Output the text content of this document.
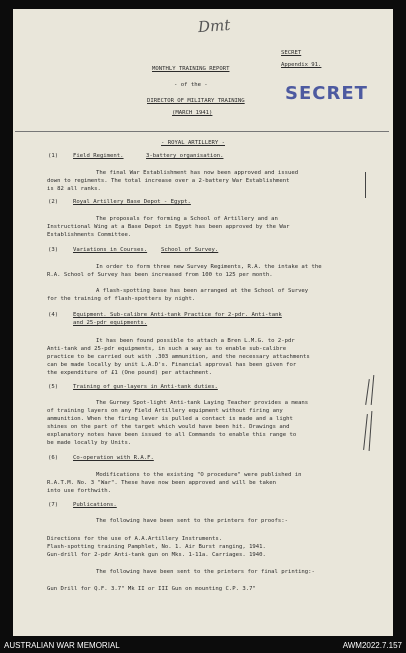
Dmt
SECRET
Appendix 91.
SECRET
MONTHLY TRAINING REPORT
- of the -
DIRECTOR OF MILITARY TRAINING
(MARCH 1941)
- ROYAL ARTILLERY -
(1)	Field Regiment.	3-battery organisation.
The final War Establishment has now been approved and issued
down to regiments. The total increase over a 2-battery War Establishment
is 82 all ranks.
(2)	Royal Artillery Base Depot - Egypt.
The proposals for forming a School of Artillery and an
Instructional Wing at a Base Depot in Egypt has been approved by the War
Establishments Committee.
(3)	Variations in Courses. School of Survey.
In order to form three new Survey Regiments, R.A. the intake at the
R.A. School of Survey has been increased from 100 to 125 per month.
A flash-spotting base has been arranged at the School of Survey
for the training of flash-spotters by night.
(4)	Equipment. Sub-calibre Anti-tank Practice for 2-pdr. Anti-tank
and 25-pdr equipments.
It has been found possible to attach a Bren L.M.G. to 2-pdr
Anti-tank and 25-pdr equipments, in such a way as to enable sub-calibre
practice to be carried out with .303 ammunition, and the necessary attachments
can be made locally by unit L.A.D's. Financial approval has been given for
the expenditure of £1 (One pound) per attachment.
(5)	Training of gun-layers in Anti-tank duties.
The Gurney Spot-light Anti-tank Laying Teacher provides a means
of training layers on any Field Artillery equipment without firing any
ammunition. When the firing lever is pulled a contact is made and a light
shines on the part of the target which would have been hit. Drawings and
explanatory notes have been issued to all Commands to enable this range to
be made locally by Units.
(6)	Co-operation with R.A.F.
Modifications to the existing "O procedure" were published in
R.A.T.M. No. 3 "War". These have now been approved and will be taken
into use forthwith.
(7)	Publications.
The following have been sent to the printers for proofs:-
Directions for the use of A.A.Artillery Instruments.
Flash-spotting training Pamphlet, No. 1. Air Burst ranging, 1941.
Gun-drill for 2-pdr Anti-tank gun on Mks. 1-11a. Carriages. 1940.
The following have been sent to the printers for final printing:-
Gun Drill for Q.F. 3.7" Mk II or III Gun on mounting C.P. 3.7"
AUSTRALIAN WAR MEMORIAL	AWM2022.7.157
